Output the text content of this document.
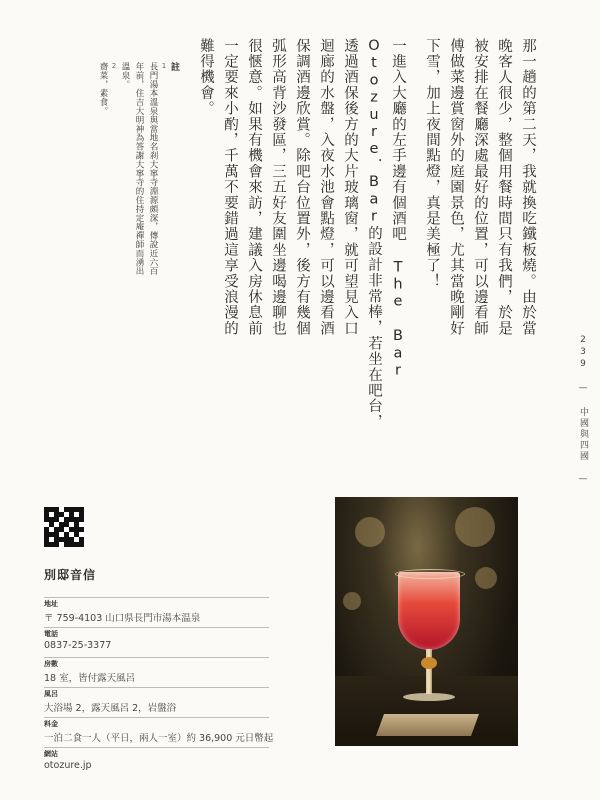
那一趟的第二天，我就換吃鐵板燒。由於當
晚客人很少，整個用餐時間只有我們，於是
被安排在餐廳深處最好的位置，可以邊看師
傅做菜邊賞窗外的庭園景色，尤其當晚剛好
下雪，加上夜間點燈，真是美極了！
一進入大廳的左手邊有個酒吧 The Bar
Otozure．Bar的設計非常棒，若坐在吧台，
透過酒保後方的大片玻璃窗，就可望見入口
迴廊的水盤，入夜水池會點燈，可以邊看酒
保調酒邊欣賞。除吧台位置外，後方有幾個
弧形高背沙發區，三五好友圍坐邊喝邊聊也
很愜意。如果有機會來訪，建議入房休息前
一定要來小酌，千萬不要錯過這享受浪漫的
難得機會。
239 — 中國與四國 —
註
1
長門湯本溫泉與當地名刹大寧寺淵源頗深，傳說近六百
年前，住吉大明神為答謝大寧寺的住持定庵禪師而湧出
溫泉。
2
齋菜，素食。
別邸音信
地址
〒 759-4103 山口県長門市湯本温泉
電話
0837-25-3377
房數
18 室，皆付露天風呂
風呂
大浴場 2，露天風呂 2，岩盤浴
料金
一泊二食一人（平日，兩人一室）約 36,900 元日幣起
網站
otozure.jp
